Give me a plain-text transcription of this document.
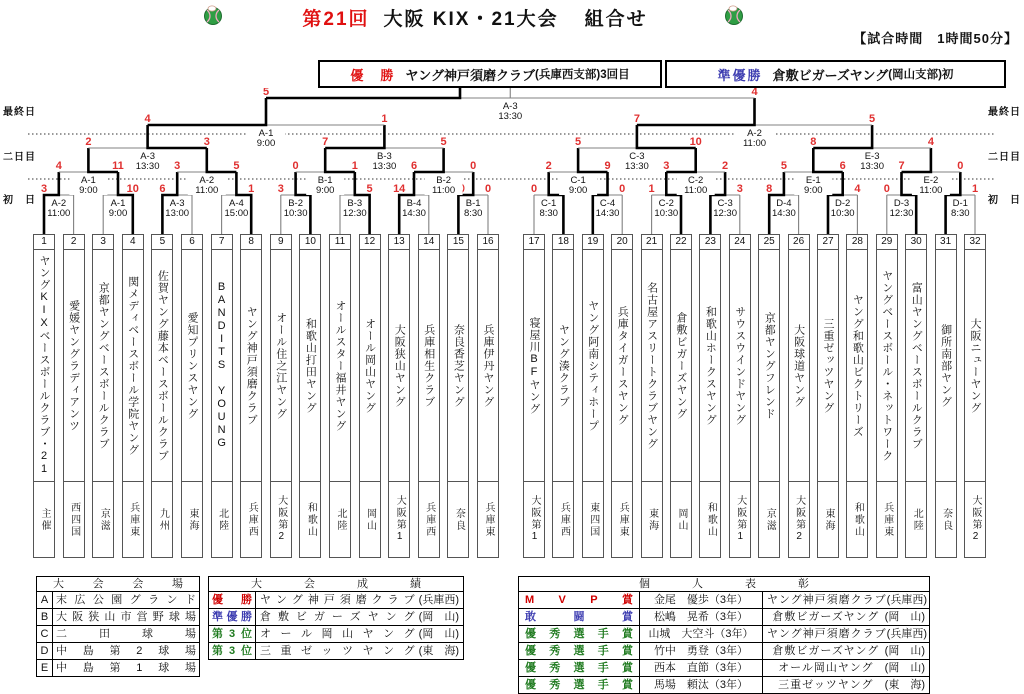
第21回 大阪 KIX・21大会 組合せ
【試合時間　1時間50分】
優　勝 ヤング神戸須磨クラブ (兵庫西支部)3回目	準優勝 倉敷ビガーズヤング (岡山支部)初
最終日	最終日
二日目	二日目
初　日	初　日
A-2
11:00
3
A-1
9:00
10
A-3
13:00
6
A-4
15:00
1
B-2
10:30
3
B-3
12:30
5
B-4
14:30
14
B-1
8:30
0
C-1
8:30
0
C-4
14:30
0
C-2
10:30
1
C-3
12:30
3
D-4
14:30
8
D-2
10:30
4
D-3
12:30
0
D-1
8:30
1
A-1
9:00
4	11
A-2
11:00
3	5
B-1
9:00
0	1
B-2
11:00
6	0
C-1
9:00
2	9
C-2
11:00
3	2
E-1
9:00
5	6
E-2
11:00
7	0
A-3
13:30
2	3
B-3
13:30
7	5
C-3
13:30
5	10
E-3
13:30
8	4
A-1
9:00
4	1
A-2
11:00
7	5
A-3
13:30
5	4
1
ヤングKIXベースボールクラブ・21
主催
2
愛媛ヤングラディアンツ
西四国
3
京都ヤングベースボールクラブ
京滋
4
関メディベースボール学院ヤング
兵庫東
5
佐賀ヤング藤本ベースボールクラブ
九州
6
愛知プリンスヤング
東海
7
BANDITS YOUNG
北陸
8
ヤング神戸須磨クラブ
兵庫西
9
オール住之江ヤング
大阪第2
10
和歌山打田ヤング
和歌山
11
オールスター福井ヤング
北陸
12
オール岡山ヤング
岡山
13
大阪狭山ヤング
大阪第1
14
兵庫相生クラブ
兵庫西
15
奈良香芝ヤング
奈良
16
兵庫伊丹ヤング
兵庫東
17
寝屋川BFヤング
大阪第1
18
ヤング湊クラブ
兵庫西
19
ヤング阿南シティホープ
東四国
20
兵庫タイガースヤング
兵庫東
21
名古屋アスリートクラブヤング
東海
22
倉敷ビガーズヤング
岡山
23
和歌山ホークスヤング
和歌山
24
サウスウインドヤング
大阪第1
25
京都ヤングフレンド
京滋
26
大阪球道ヤング
大阪第2
27
三重ゼッツヤング
東海
28
ヤング和歌山ビクトリーズ
和歌山
29
ヤングベースボール・ネットワーク
兵庫東
30
富山ヤングベースボールクラブ
北陸
31
御所南部ヤング
奈良
32
大阪ニューヤング
大阪第2
大	会	会	場
A 末 広 公 園 グ ラ ン ド
B 大 阪 狭 山 市 営 野 球 場
C 二	田	球	場
D 中 島 第 2 球 場
E 中 島 第 1 球 場
大	会	成	績
優 勝 ヤ ン グ 神 戸 須 磨 ク ラ ブ (兵庫西)
準 優 勝 倉 敷 ビ ガ ー ズ ヤ ン グ (岡　山)
第 3 位 オ ー ル 岡 山 ヤ ン グ (岡　山)
第 3 位 三 重 ゼ ッ ツ ヤ ン グ (東　海)
個	人	表	彰
M V P 賞	金尾　優歩（3年）	ヤング神戸須磨クラブ (兵庫西)
敢	闘	賞	松嶋　晃希（3年）	倉敷ビガーズヤング (岡　山)
優 秀 選 手 賞	山城　大空斗（3年）	ヤング神戸須磨クラブ (兵庫西)
優 秀 選 手 賞	竹中　勇登（3年）	倉敷ビガーズヤング (岡　山)
優 秀 選 手 賞	西本　直節（3年）	オール岡山ヤング	(岡　山)
優 秀 選 手 賞	馬場　頼汰（3年）	三重ゼッツヤング	(東　海)
